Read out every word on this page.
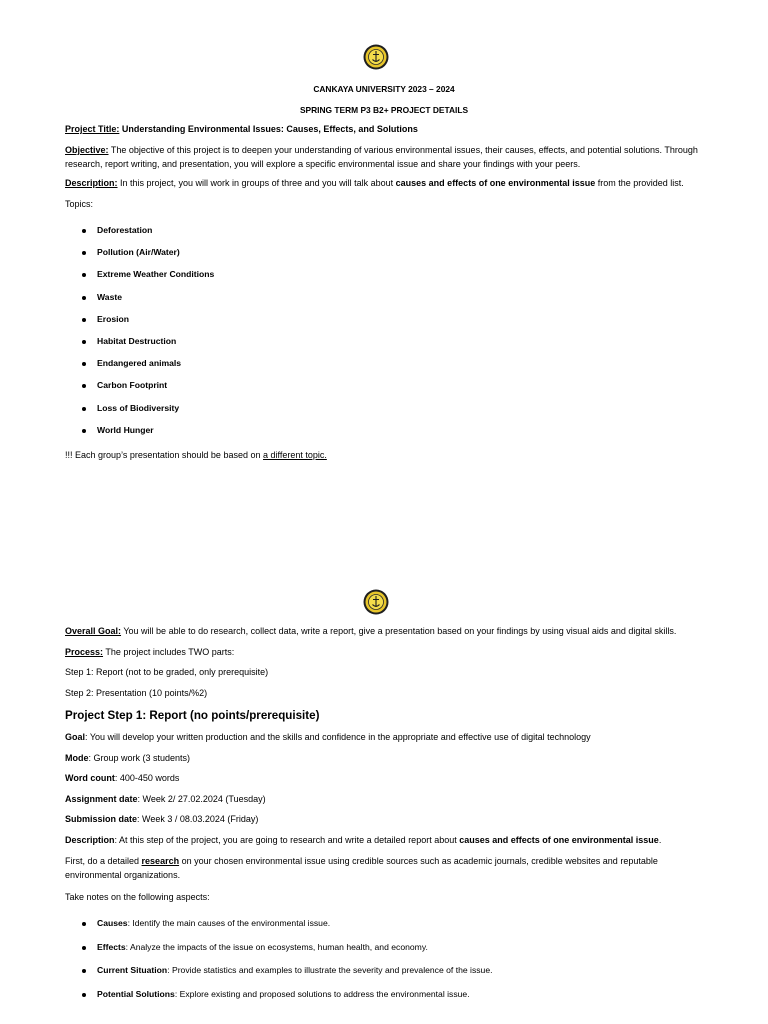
CANKAYA UNIVERSITY 2023 – 2024
SPRING TERM P3 B2+ PROJECT DETAILS
Project Title: Understanding Environmental Issues: Causes, Effects, and Solutions
Objective: The objective of this project is to deepen your understanding of various environmental issues, their causes, effects, and potential solutions. Through research, report writing, and presentation, you will explore a specific environmental issue and share your findings with your peers.
Description: In this project, you will work in groups of three and you will talk about causes and effects of one environmental issue from the provided list.
Topics:
Deforestation
Pollution (Air/Water)
Extreme Weather Conditions
Waste
Erosion
Habitat Destruction
Endangered animals
Carbon Footprint
Loss of Biodiversity
World Hunger
!!! Each group’s presentation should be based on a different topic.
Overall Goal: You will be able to do research, collect data, write a report, give a presentation based on your findings by using visual aids and digital skills.
Process: The project includes TWO parts:
Step 1: Report (not to be graded, only prerequisite)
Step 2: Presentation (10 points/%2)
Project Step 1: Report (no points/prerequisite)
Goal: You will develop your written production and the skills and confidence in the appropriate and effective use of digital technology
Mode: Group work (3 students)
Word count: 400-450 words
Assignment date: Week 2/ 27.02.2024 (Tuesday)
Submission date: Week 3 / 08.03.2024 (Friday)
Description: At this step of the project, you are going to research and write a detailed report about causes and effects of one environmental issue.
First, do a detailed research on your chosen environmental issue using credible sources such as academic journals, credible websites and reputable environmental organizations.
Take notes on the following aspects:
Causes: Identify the main causes of the environmental issue.
Effects: Analyze the impacts of the issue on ecosystems, human health, and economy.
Current Situation: Provide statistics and examples to illustrate the severity and prevalence of the issue.
Potential Solutions: Explore existing and proposed solutions to address the environmental issue.
